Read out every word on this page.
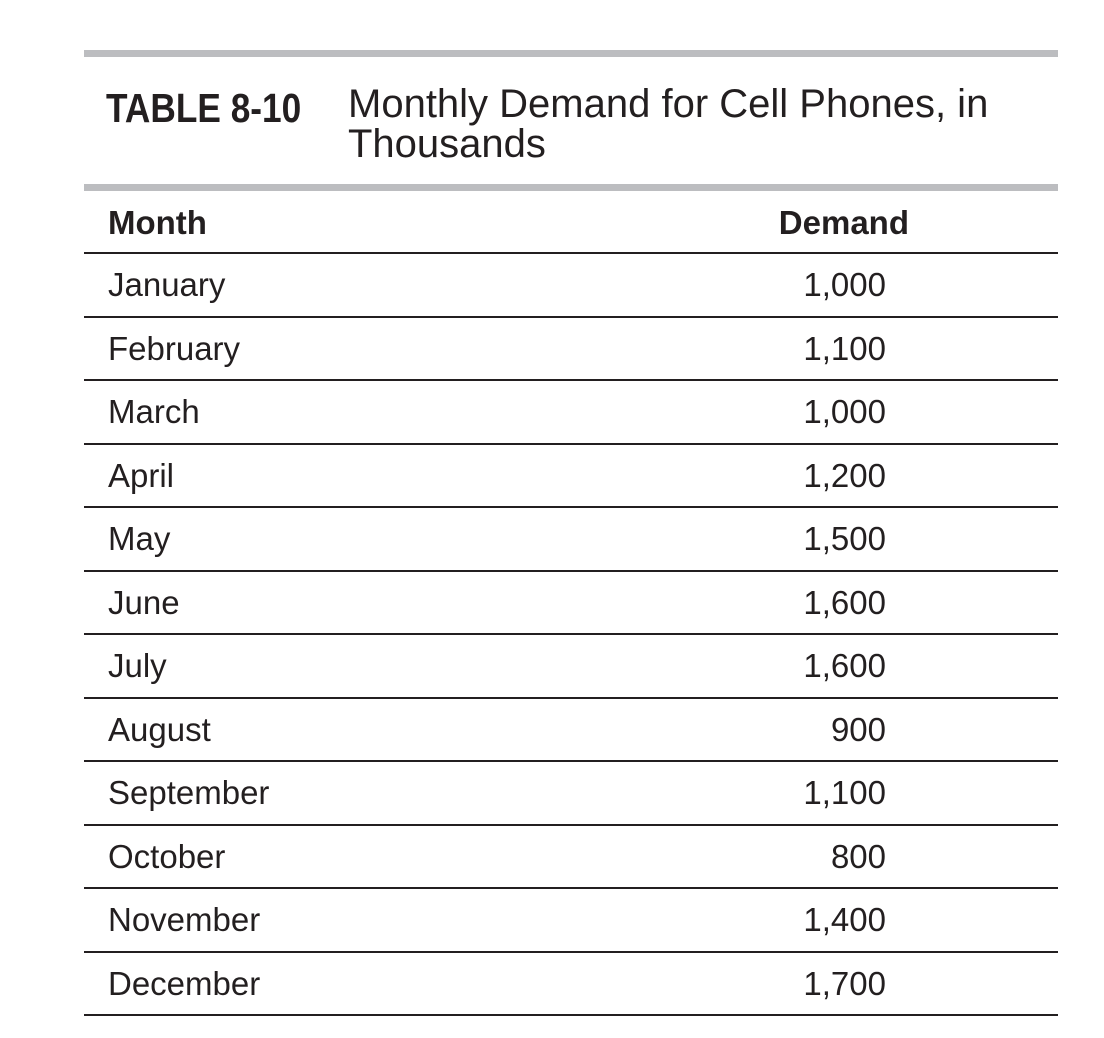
TABLE 8-10 Monthly Demand for Cell Phones, in Thousands
Month	Demand
January	1,000
February	1,100
March	1,000
April	1,200
May	1,500
June	1,600
July	1,600
August	900
September	1,100
October	800
November	1,400
December	1,700
